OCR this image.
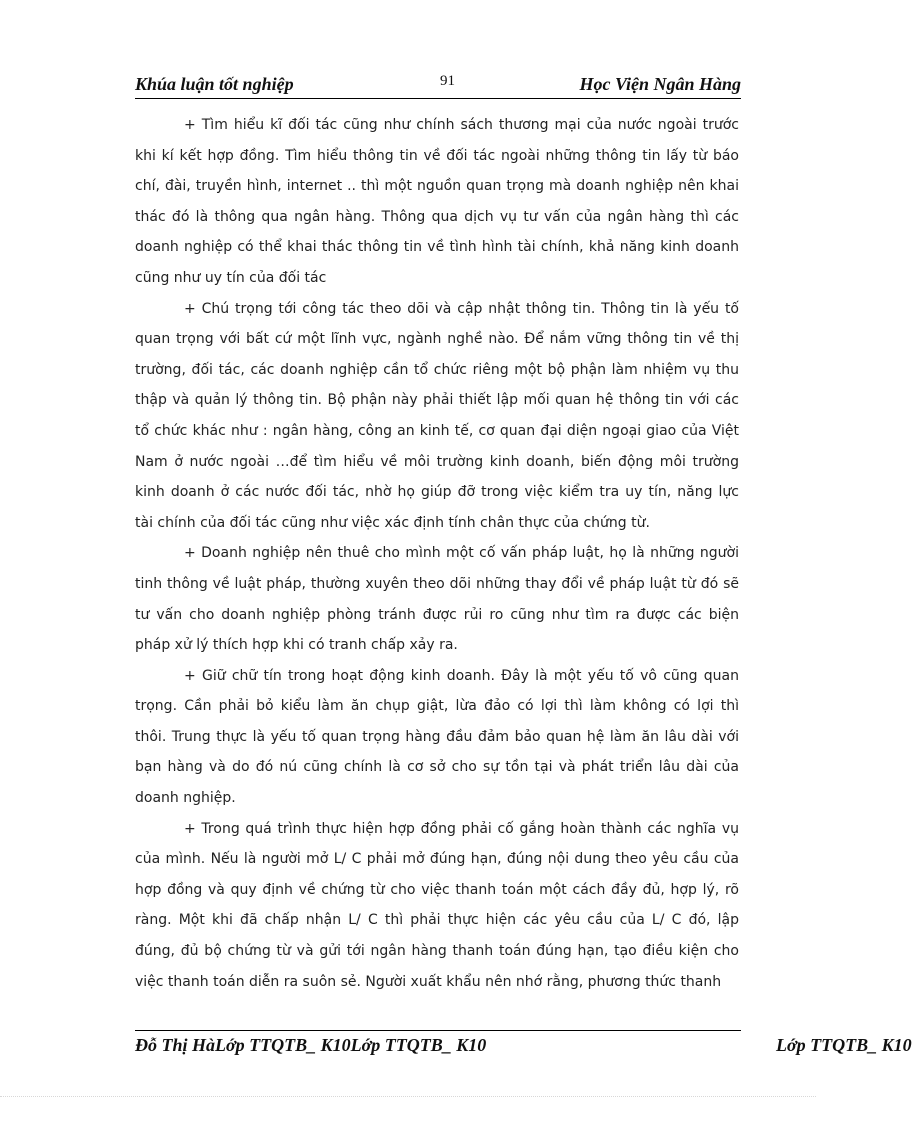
Khúa luận tốt nghiệp	91	Học Viện Ngân Hàng
+ Tìm hiểu kĩ đối tác cũng như chính sách thương mại của nước ngoài trước
khi kí kết hợp đồng. Tìm hiểu thông tin về đối tác ngoài những thông tin lấy từ báo
chí, đài, truyền hình, internet .. thì một nguồn quan trọng mà doanh nghiệp nên khai
thác đó là thông qua ngân hàng. Thông qua dịch vụ tư vấn của ngân hàng thì các
doanh nghiệp có thể khai thác thông tin về tình hình tài chính, khả năng kinh doanh
cũng như uy tín của đối tác
+ Chú trọng tới công tác theo dõi và cập nhật thông tin. Thông tin là yếu tố
quan trọng với bất cứ một lĩnh vực, ngành nghề nào. Để nắm vững thông tin về thị
trường, đối tác, các doanh nghiệp cần tổ chức riêng một bộ phận làm nhiệm vụ thu
thập và quản lý thông tin. Bộ phận này phải thiết lập mối quan hệ thông tin với các
tổ chức khác như : ngân hàng, công an kinh tế, cơ quan đại diện ngoại giao của Việt
Nam ở nước ngoài …để tìm hiểu về môi trường kinh doanh, biến động môi trường
kinh doanh ở các nước đối tác, nhờ họ giúp đỡ trong việc kiểm tra uy tín, năng lực
tài chính của đối tác cũng như việc xác định tính chân thực của chứng từ.
+ Doanh nghiệp nên thuê cho mình một cố vấn pháp luật, họ là những người
tinh thông về luật pháp, thường xuyên theo dõi những thay đổi về pháp luật từ đó sẽ
tư vấn cho doanh nghiệp phòng tránh được rủi ro cũng như tìm ra được các biện
pháp xử lý thích hợp khi có tranh chấp xảy ra.
+ Giữ chữ tín trong hoạt động kinh doanh. Đây là một yếu tố vô cũng quan
trọng. Cần phải bỏ kiểu làm ăn chụp giật, lừa đảo có lợi thì làm không có lợi thì
thôi. Trung thực là yếu tố quan trọng hàng đầu đảm bảo quan hệ làm ăn lâu dài với
bạn hàng và do đó nú cũng chính là cơ sở cho sự tồn tại và phát triển lâu dài của
doanh nghiệp.
+ Trong quá trình thực hiện hợp đồng phải cố gắng hoàn thành các nghĩa vụ
của mình. Nếu là người mở L/ C phải mở đúng hạn, đúng nội dung theo yêu cầu của
hợp đồng và quy định về chứng từ cho việc thanh toán một cách đầy đủ, hợp lý, rõ
ràng. Một khi đã chấp nhận L/ C thì phải thực hiện các yêu cầu của L/ C đó, lập
đúng, đủ bộ chứng từ và gửi tới ngân hàng thanh toán đúng hạn, tạo điều kiện cho
việc thanh toán diễn ra suôn sẻ. Người xuất khẩu nên nhớ rằng, phương thức thanh
Đỗ Thị HàLớp TTQTB_ K10Lớp TTQTB_ K10	Lớp TTQTB_ K10
